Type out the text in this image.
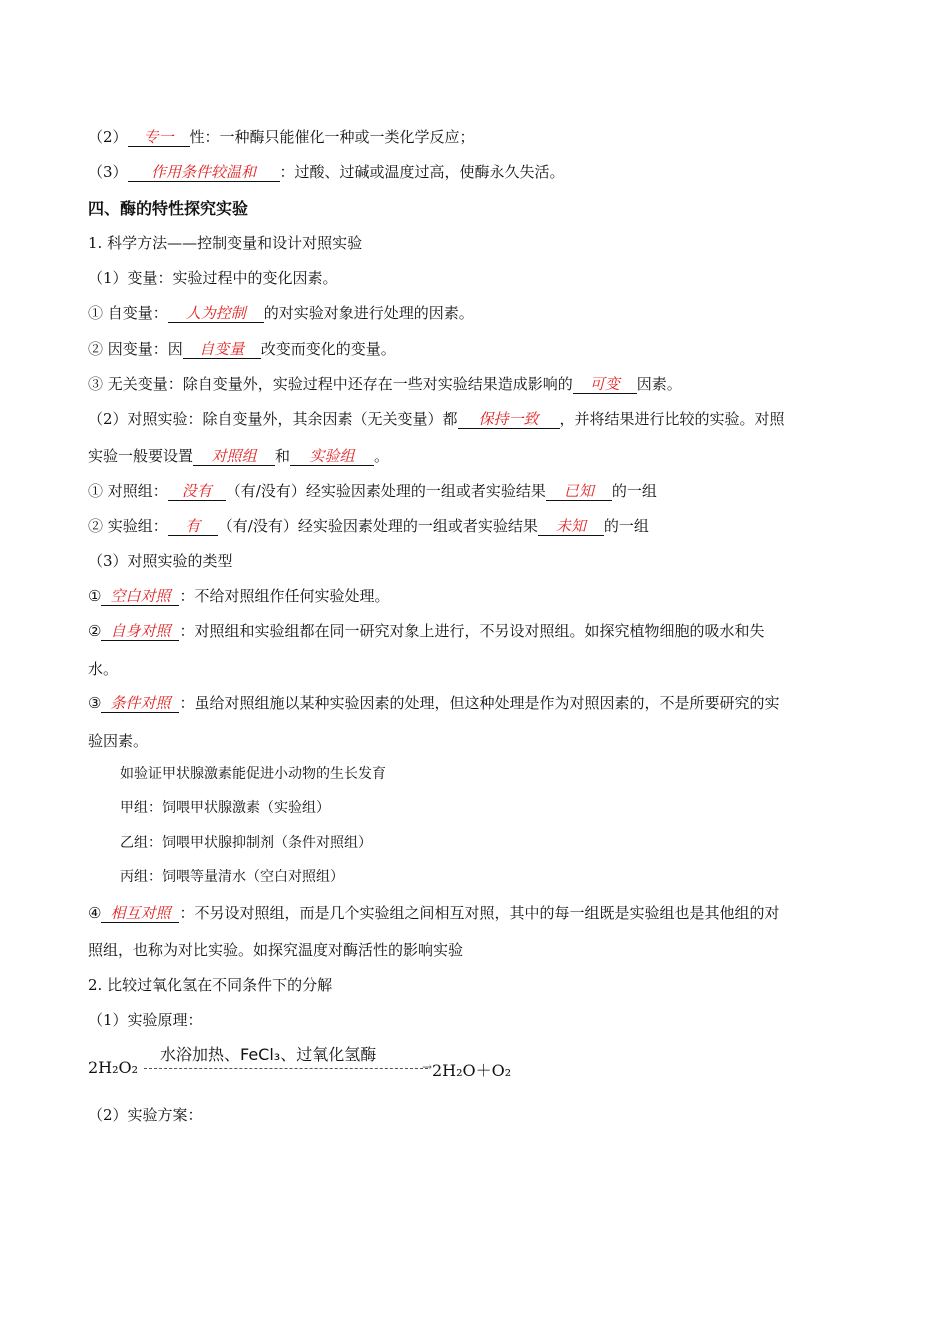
（2） 专一 性：一种酶只能催化一种或一类化学反应；
（3） 作用条件较温和 ：过酸、过碱或温度过高，使酶永久失活。
四、酶的特性探究实验
1. 科学方法——控制变量和设计对照实验
（1）变量：实验过程中的变化因素。
① 自变量： 人为控制 的对实验对象进行处理的因素。
② 因变量：因 自变量 改变而变化的变量。
③ 无关变量：除自变量外，实验过程中还存在一些对实验结果造成影响的 可变 因素。
（2）对照实验：除自变量外，其余因素（无关变量）都 保持一致 ，并将结果进行比较的实验。对照
实验一般要设置 对照组 和 实验组 。
① 对照组： 没有 （有/没有）经实验因素处理的一组或者实验结果 已知 的一组
② 实验组： 有 （有/没有）经实验因素处理的一组或者实验结果 未知 的一组
（3）对照实验的类型
① 空白对照 ：不给对照组作任何实验处理。
② 自身对照 ：对照组和实验组都在同一研究对象上进行，不另设对照组。如探究植物细胞的吸水和失
水。
③ 条件对照 ：虽给对照组施以某种实验因素的处理，但这种处理是作为对照因素的，不是所要研究的实
验因素。
如验证甲状腺激素能促进小动物的生长发育
甲组：饲喂甲状腺激素（实验组）
乙组：饲喂甲状腺抑制剂（条件对照组）
丙组：饲喂等量清水（空白对照组）
④ 相互对照 ：不另设对照组，而是几个实验组之间相互对照，其中的每一组既是实验组也是其他组的对
照组，也称为对比实验。如探究温度对酶活性的影响实验
2. 比较过氧化氢在不同条件下的分解
（1）实验原理：
2H₂O₂
水浴加热、FeCl₃、过氧化氢酶
→ 2H₂O＋O₂
（2）实验方案：
